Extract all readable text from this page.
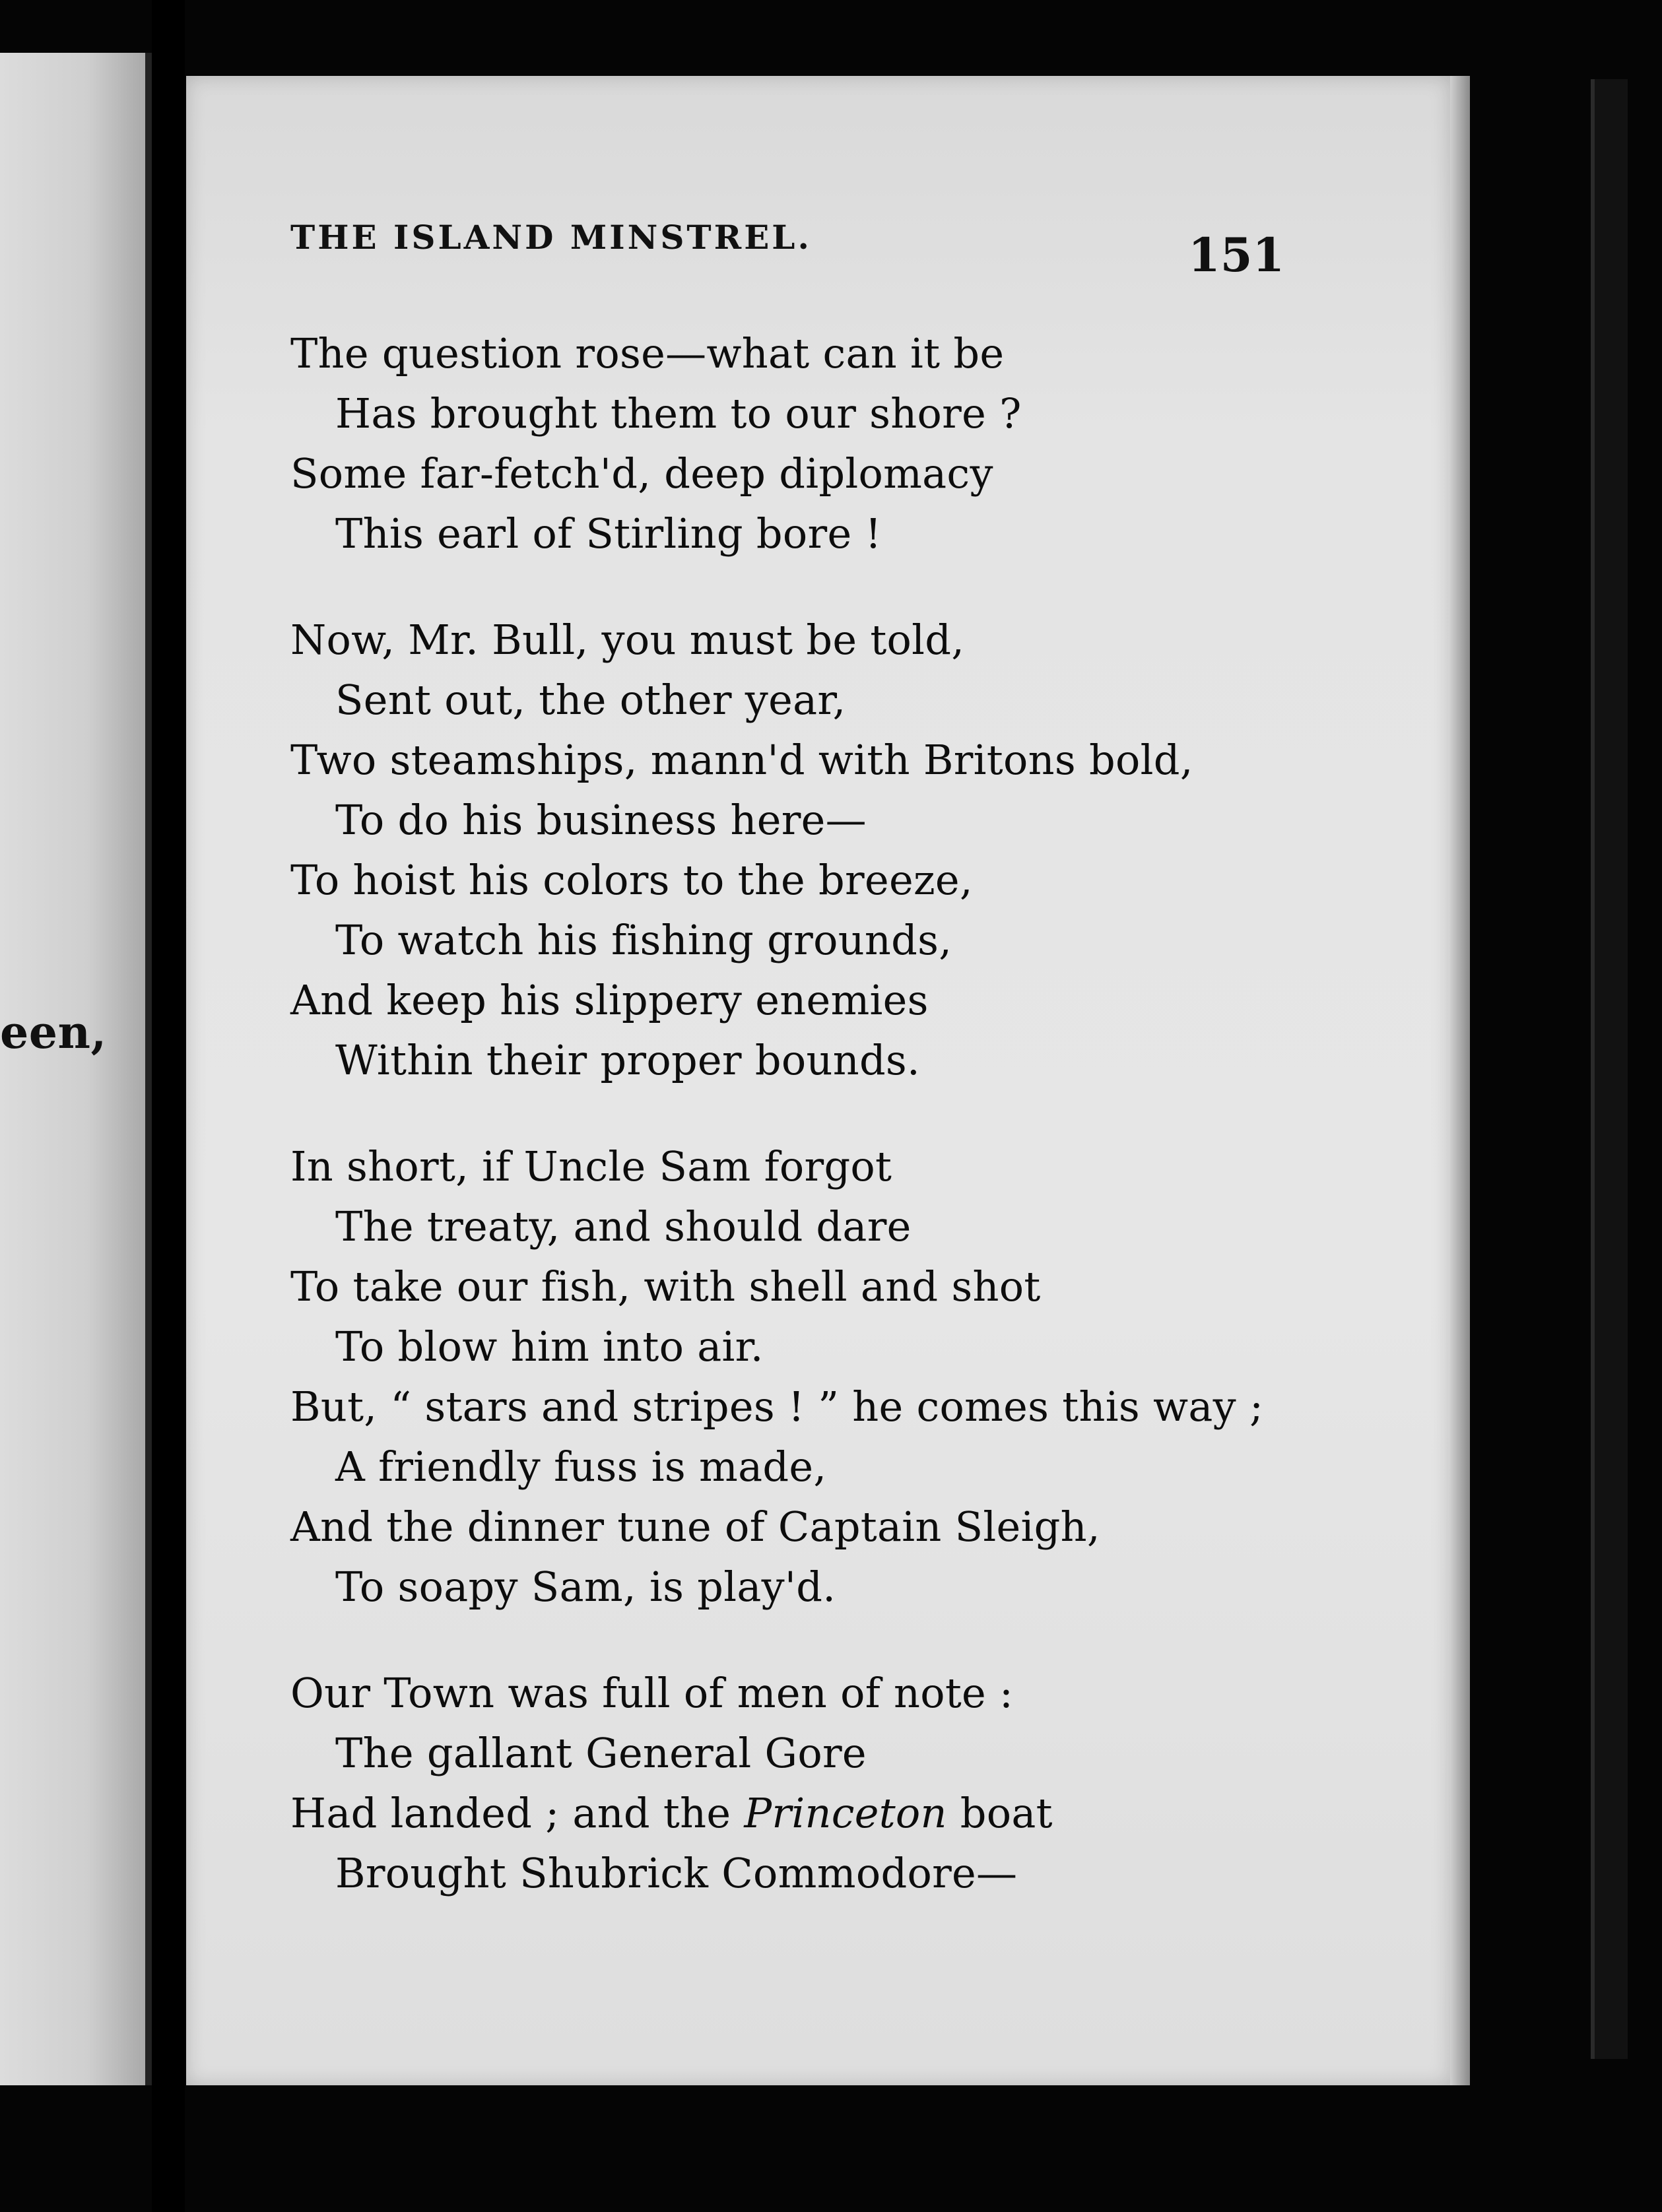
een,
THE ISLAND MINSTREL.	151
The question rose—what can it be
Has brought them to our shore ?
Some far-fetch'd, deep diplomacy
This earl of Stirling bore !
Now, Mr. Bull, you must be told,
Sent out, the other year,
Two steamships, mann'd with Britons bold,
To do his business here—
To hoist his colors to the breeze,
To watch his fishing grounds,
And keep his slippery enemies
Within their proper bounds.
In short, if Uncle Sam forgot
The treaty, and should dare
To take our fish, with shell and shot
To blow him into air.
But, “ stars and stripes ! ” he comes this way ;
A friendly fuss is made,
And the dinner tune of Captain Sleigh,
To soapy Sam, is play'd.
Our Town was full of men of note :
The gallant General Gore
Had landed ; and the Princeton boat
Brought Shubrick Commodore—
